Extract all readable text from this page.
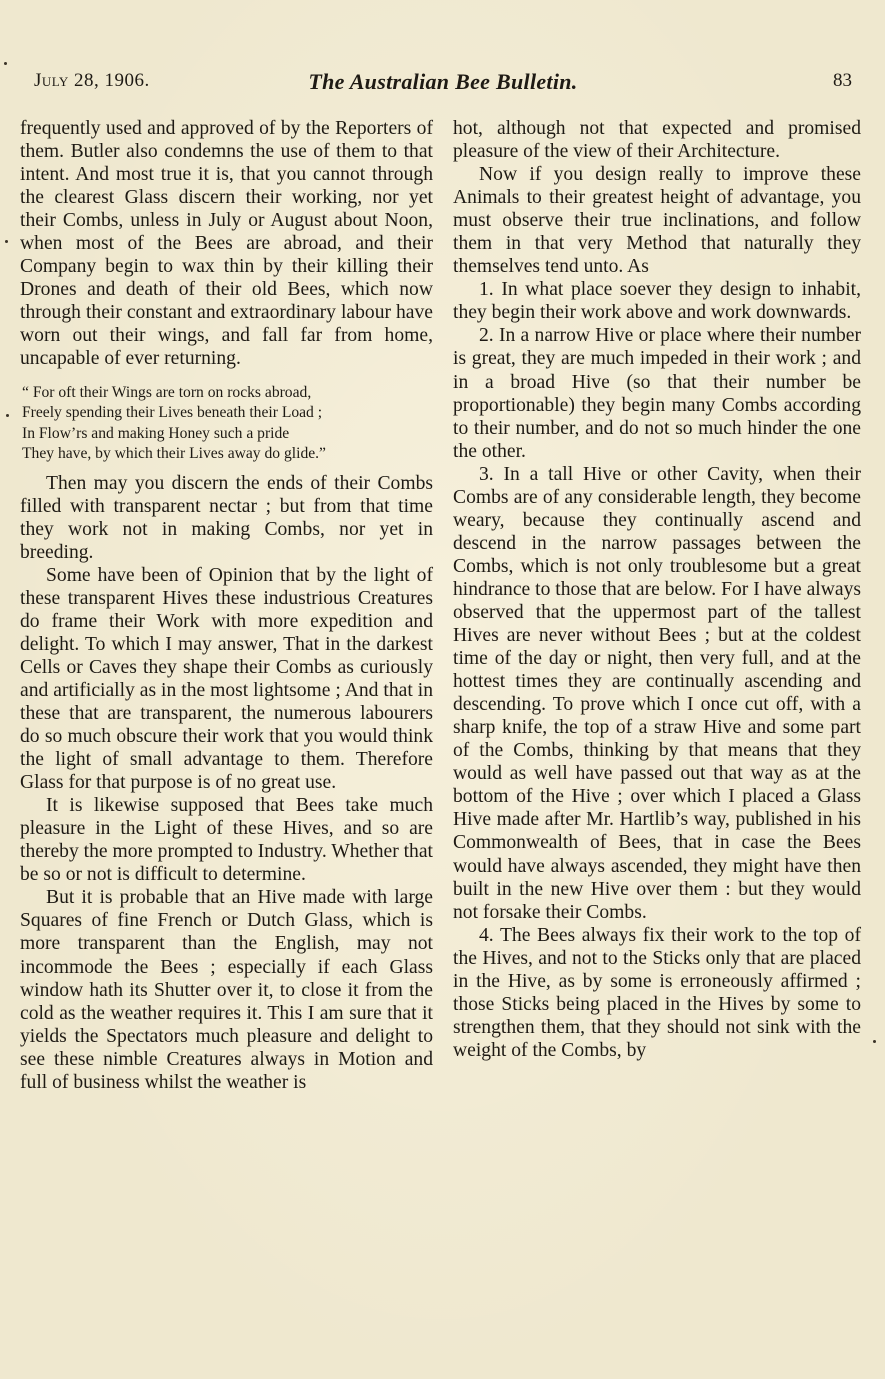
July 28, 1906.	The Australian Bee Bulletin.	83

frequently used and approved of by the Reporters of them. Butler also condemns the use of them to that intent. And most true it is, that you cannot through the clearest Glass discern their working, nor yet their Combs, unless in July or August about Noon, when most of the Bees are abroad, and their Company begin to wax thin by their killing their Drones and death of their old Bees, which now through their constant and extraordinary labour have worn out their wings, and fall far from home, uncapable of ever returning.

“ For oft their Wings are torn on rocks abroad,
Freely spending their Lives beneath their Load ;
In Flow’rs and making Honey such a pride
They have, by which their Lives away do glide.”

Then may you discern the ends of their Combs filled with transparent nectar ; but from that time they work not in making Combs, nor yet in breeding.

Some have been of Opinion that by the light of these transparent Hives these industrious Creatures do frame their Work with more expedition and delight. To which I may answer, That in the darkest Cells or Caves they shape their Combs as curiously and artificially as in the most lightsome ; And that in these that are transparent, the numerous labourers do so much obscure their work that you would think the light of small advantage to them. Therefore Glass for that purpose is of no great use.

It is likewise supposed that Bees take much pleasure in the Light of these Hives, and so are thereby the more prompted to Industry. Whether that be so or not is difficult to determine.

But it is probable that an Hive made with large Squares of fine French or Dutch Glass, which is more transparent than the English, may not incommode the Bees ; especially if each Glass window hath its Shutter over it, to close it from the cold as the weather requires it. This I am sure that it yields the Spectators much pleasure and delight to see these nimble Creatures always in Motion and full of business whilst the weather is

hot, although not that expected and promised pleasure of the view of their Architecture.

Now if you design really to improve these Animals to their greatest height of advantage, you must observe their true inclinations, and follow them in that very Method that naturally they themselves tend unto. As

1. In what place soever they design to inhabit, they begin their work above and work downwards.

2. In a narrow Hive or place where their number is great, they are much impeded in their work ; and in a broad Hive (so that their number be proportionable) they begin many Combs according to their number, and do not so much hinder the one the other.

3. In a tall Hive or other Cavity, when their Combs are of any considerable length, they become weary, because they continually ascend and descend in the narrow passages between the Combs, which is not only troublesome but a great hindrance to those that are below. For I have always observed that the uppermost part of the tallest Hives are never without Bees ; but at the coldest time of the day or night, then very full, and at the hottest times they are continually ascending and descending. To prove which I once cut off, with a sharp knife, the top of a straw Hive and some part of the Combs, thinking by that means that they would as well have passed out that way as at the bottom of the Hive ; over which I placed a Glass Hive made after Mr. Hartlib’s way, published in his Commonwealth of Bees, that in case the Bees would have always ascended, they might have then built in the new Hive over them : but they would not forsake their Combs.

4. The Bees always fix their work to the top of the Hives, and not to the Sticks only that are placed in the Hive, as by some is erroneously affirmed ; those Sticks being placed in the Hives by some to strengthen them, that they should not sink with the weight of the Combs, by
